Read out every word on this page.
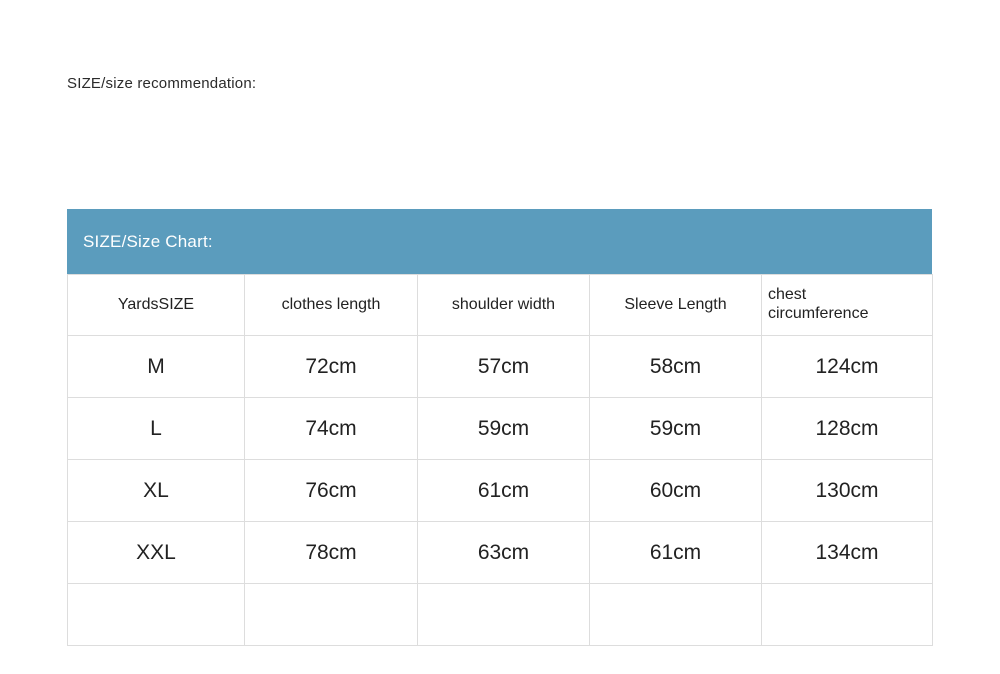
SIZE/size recommendation:
SIZE/Size Chart:
YardsSIZE	clothes length	shoulder width	Sleeve Length	chest
circumference
M	72cm	57cm	58cm	124cm
L	74cm	59cm	59cm	128cm
XL	76cm	61cm	60cm	130cm
XXL	78cm	63cm	61cm	134cm
